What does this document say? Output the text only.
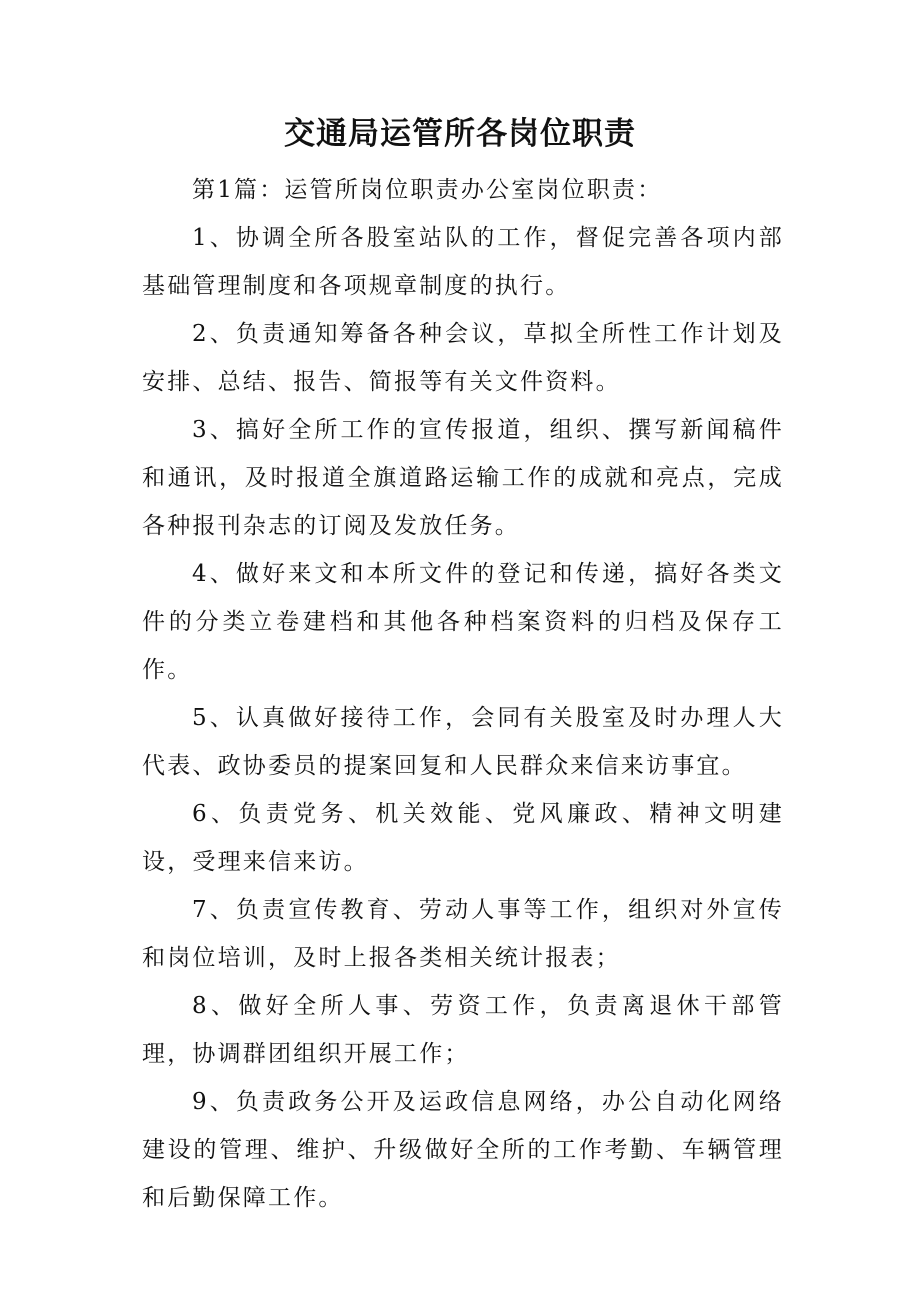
交通局运管所各岗位职责

第1篇：运管所岗位职责办公室岗位职责：

1、协调全所各股室站队的工作，督促完善各项内部基础管理制度和各项规章制度的执行。

2、负责通知筹备各种会议，草拟全所性工作计划及安排、总结、报告、简报等有关文件资料。

3、搞好全所工作的宣传报道，组织、撰写新闻稿件和通讯，及时报道全旗道路运输工作的成就和亮点，完成各种报刊杂志的订阅及发放任务。

4、做好来文和本所文件的登记和传递，搞好各类文件的分类立卷建档和其他各种档案资料的归档及保存工作。

5、认真做好接待工作，会同有关股室及时办理人大代表、政协委员的提案回复和人民群众来信来访事宜。

6、负责党务、机关效能、党风廉政、精神文明建设，受理来信来访。

7、负责宣传教育、劳动人事等工作，组织对外宣传和岗位培训，及时上报各类相关统计报表；

8、做好全所人事、劳资工作，负责离退休干部管理，协调群团组织开展工作；

9、负责政务公开及运政信息网络，办公自动化网络建设的管理、维护、升级做好全所的工作考勤、车辆管理和后勤保障工作。
